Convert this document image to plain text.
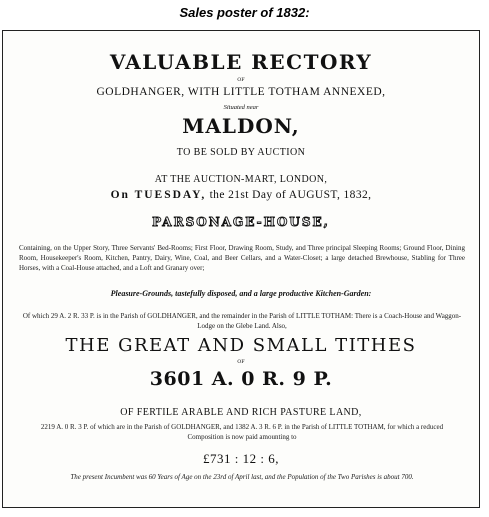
Sales poster of 1832:
VALUABLE RECTORY
OF
GOLDHANGER, WITH LITTLE TOTHAM ANNEXED,
Situated near
MALDON,
TO BE SOLD BY AUCTION
AT THE AUCTION-MART, LONDON,
On TUESDAY, the 21st Day of AUGUST, 1832,
PARSONAGE-HOUSE,
Containing, on the Upper Story, Three Servants' Bed-Rooms; First Floor, Drawing Room, Study, and Three principal Sleeping Rooms; Ground Floor, Dining Room, Housekeeper's Room, Kitchen, Pantry, Dairy, Wine, Coal, and Beer Cellars, and a Water-Closet; a large detached Brewhouse, Stabling for Three Horses, with a Coal-House attached, and a Loft and Granary over;
Pleasure-Grounds, tastefully disposed, and a large productive Kitchen-Garden:
Of which 29 A. 2 R. 33 P. is in the Parish of GOLDHANGER, and the remainder in the Parish of LITTLE TOTHAM: There is a Coach-House and Waggon-Lodge on the Glebe Land. Also,
THE GREAT AND SMALL TITHES
OF
3601 A. 0 R. 9 P.
OF FERTILE ARABLE AND RICH PASTURE LAND,
2219 A. 0 R. 3 P. of which are in the Parish of GOLDHANGER, and 1382 A. 3 R. 6 P. in the Parish of LITTLE TOTHAM, for which a reduced Composition is now paid amounting to
£731 : 12 : 6,
The present Incumbent was 60 Years of Age on the 23rd of April last, and the Population of the Two Parishes is about 700.
